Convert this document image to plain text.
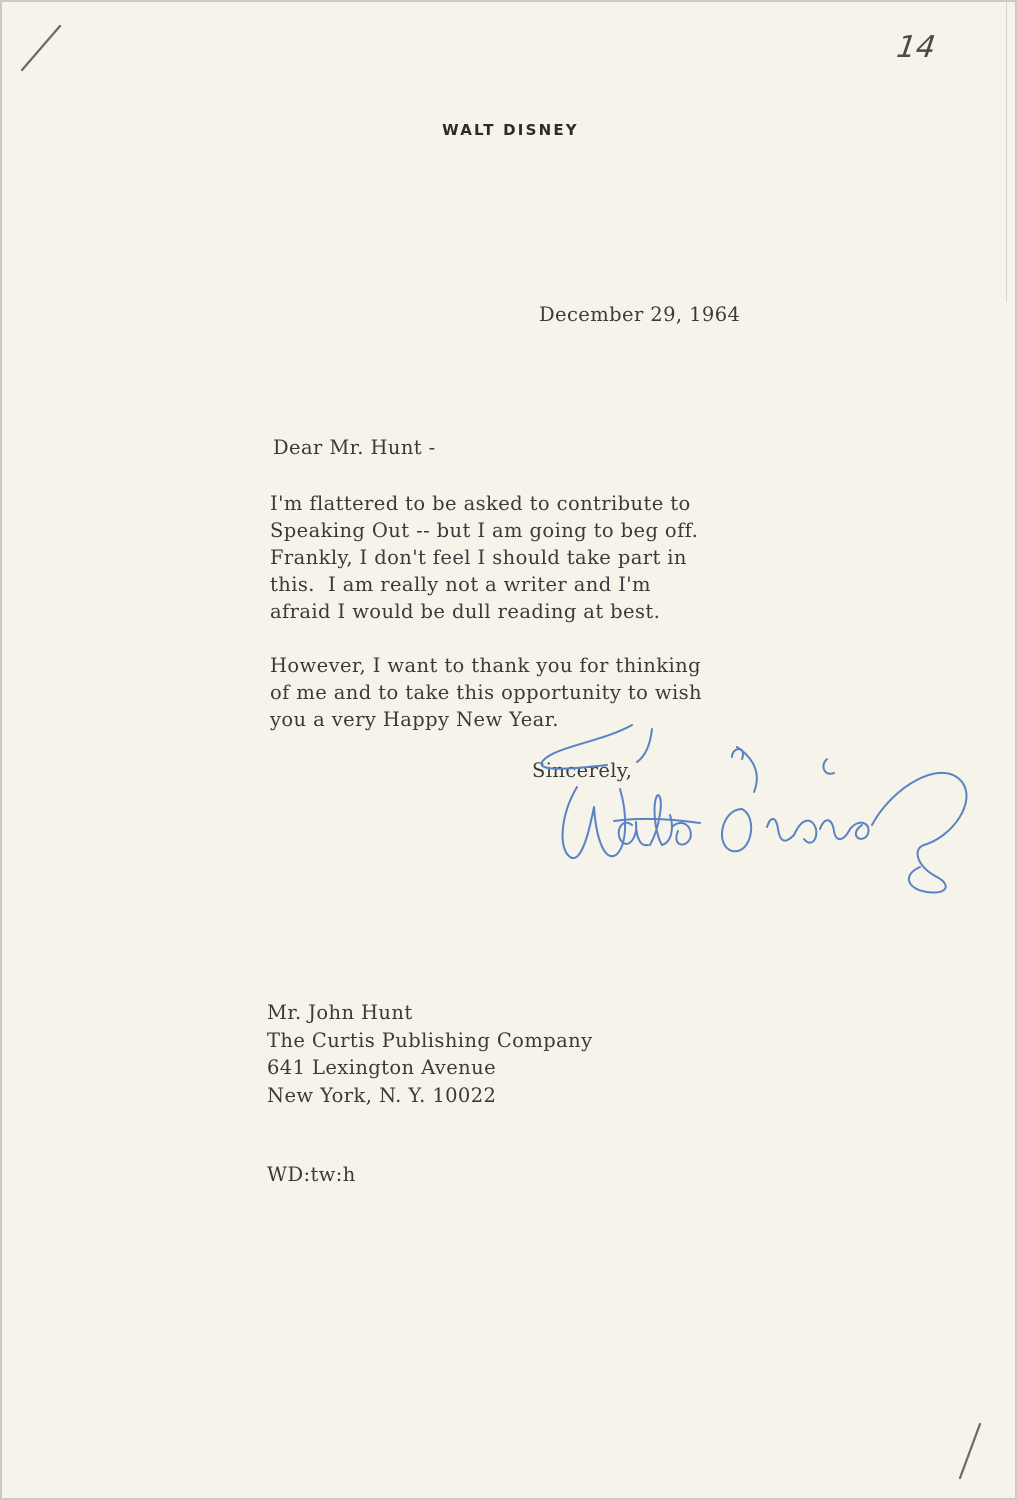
14
WALT DISNEY
December 29, 1964
Dear Mr. Hunt -
I'm flattered to be asked to contribute to
Speaking Out -- but I am going to beg off.
Frankly, I don't feel I should take part in
this.  I am really not a writer and I'm
afraid I would be dull reading at best.
However, I want to thank you for thinking
of me and to take this opportunity to wish
you a very Happy New Year.
Sincerely,
Mr. John Hunt
The Curtis Publishing Company
641 Lexington Avenue
New York, N. Y. 10022
WD:tw:h
